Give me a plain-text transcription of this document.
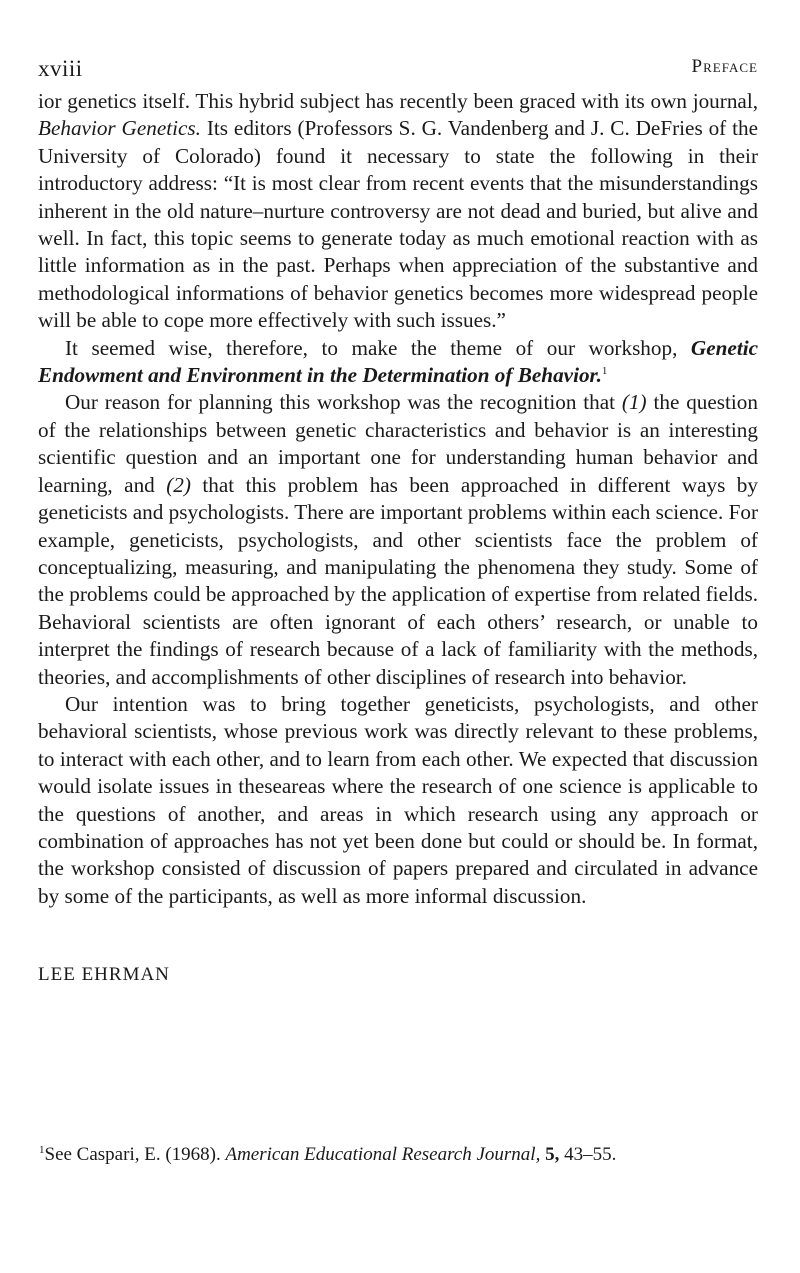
xviii	Preface

ior genetics itself. This hybrid subject has recently been graced with its own journal, Behavior Genetics. Its editors (Professors S. G. Vandenberg and J. C. DeFries of the University of Colorado) found it necessary to state the following in their introductory address: “It is most clear from recent events that the misunderstandings inherent in the old nature–nurture controversy are not dead and buried, but alive and well. In fact, this topic seems to generate today as much emotional reaction with as little information as in the past. Perhaps when appreciation of the substantive and methodological informations of behavior genetics becomes more widespread people will be able to cope more effectively with such issues.”

It seemed wise, therefore, to make the theme of our workshop, Genetic Endowment and Environment in the Determination of Behavior.$^1$

Our reason for planning this workshop was the recognition that (1) the question of the relationships between genetic characteristics and behavior is an interesting scientific question and an important one for understanding human behavior and learning, and (2) that this problem has been approached in different ways by geneticists and psychologists. There are important problems within each science. For example, geneticists, psychologists, and other scientists face the problem of conceptualizing, measuring, and manipulating the phenomena they study. Some of the problems could be approached by the application of expertise from related fields. Behavioral scientists are often ignorant of each others’ research, or unable to interpret the findings of research because of a lack of familiarity with the methods, theories, and accomplishments of other disciplines of research into behavior.

Our intention was to bring together geneticists, psychologists, and other behavioral scientists, whose previous work was directly relevant to these problems, to interact with each other, and to learn from each other. We expected that discussion would isolate issues in theseareas where the research of one science is applicable to the questions of another, and areas in which research using any approach or combination of approaches has not yet been done but could or should be. In format, the workshop consisted of discussion of papers prepared and circulated in advance by some of the participants, as well as more informal discussion.

LEE EHRMAN
$^1$See Caspari, E. (1968). American Educational Research Journal, 5, 43–55.
